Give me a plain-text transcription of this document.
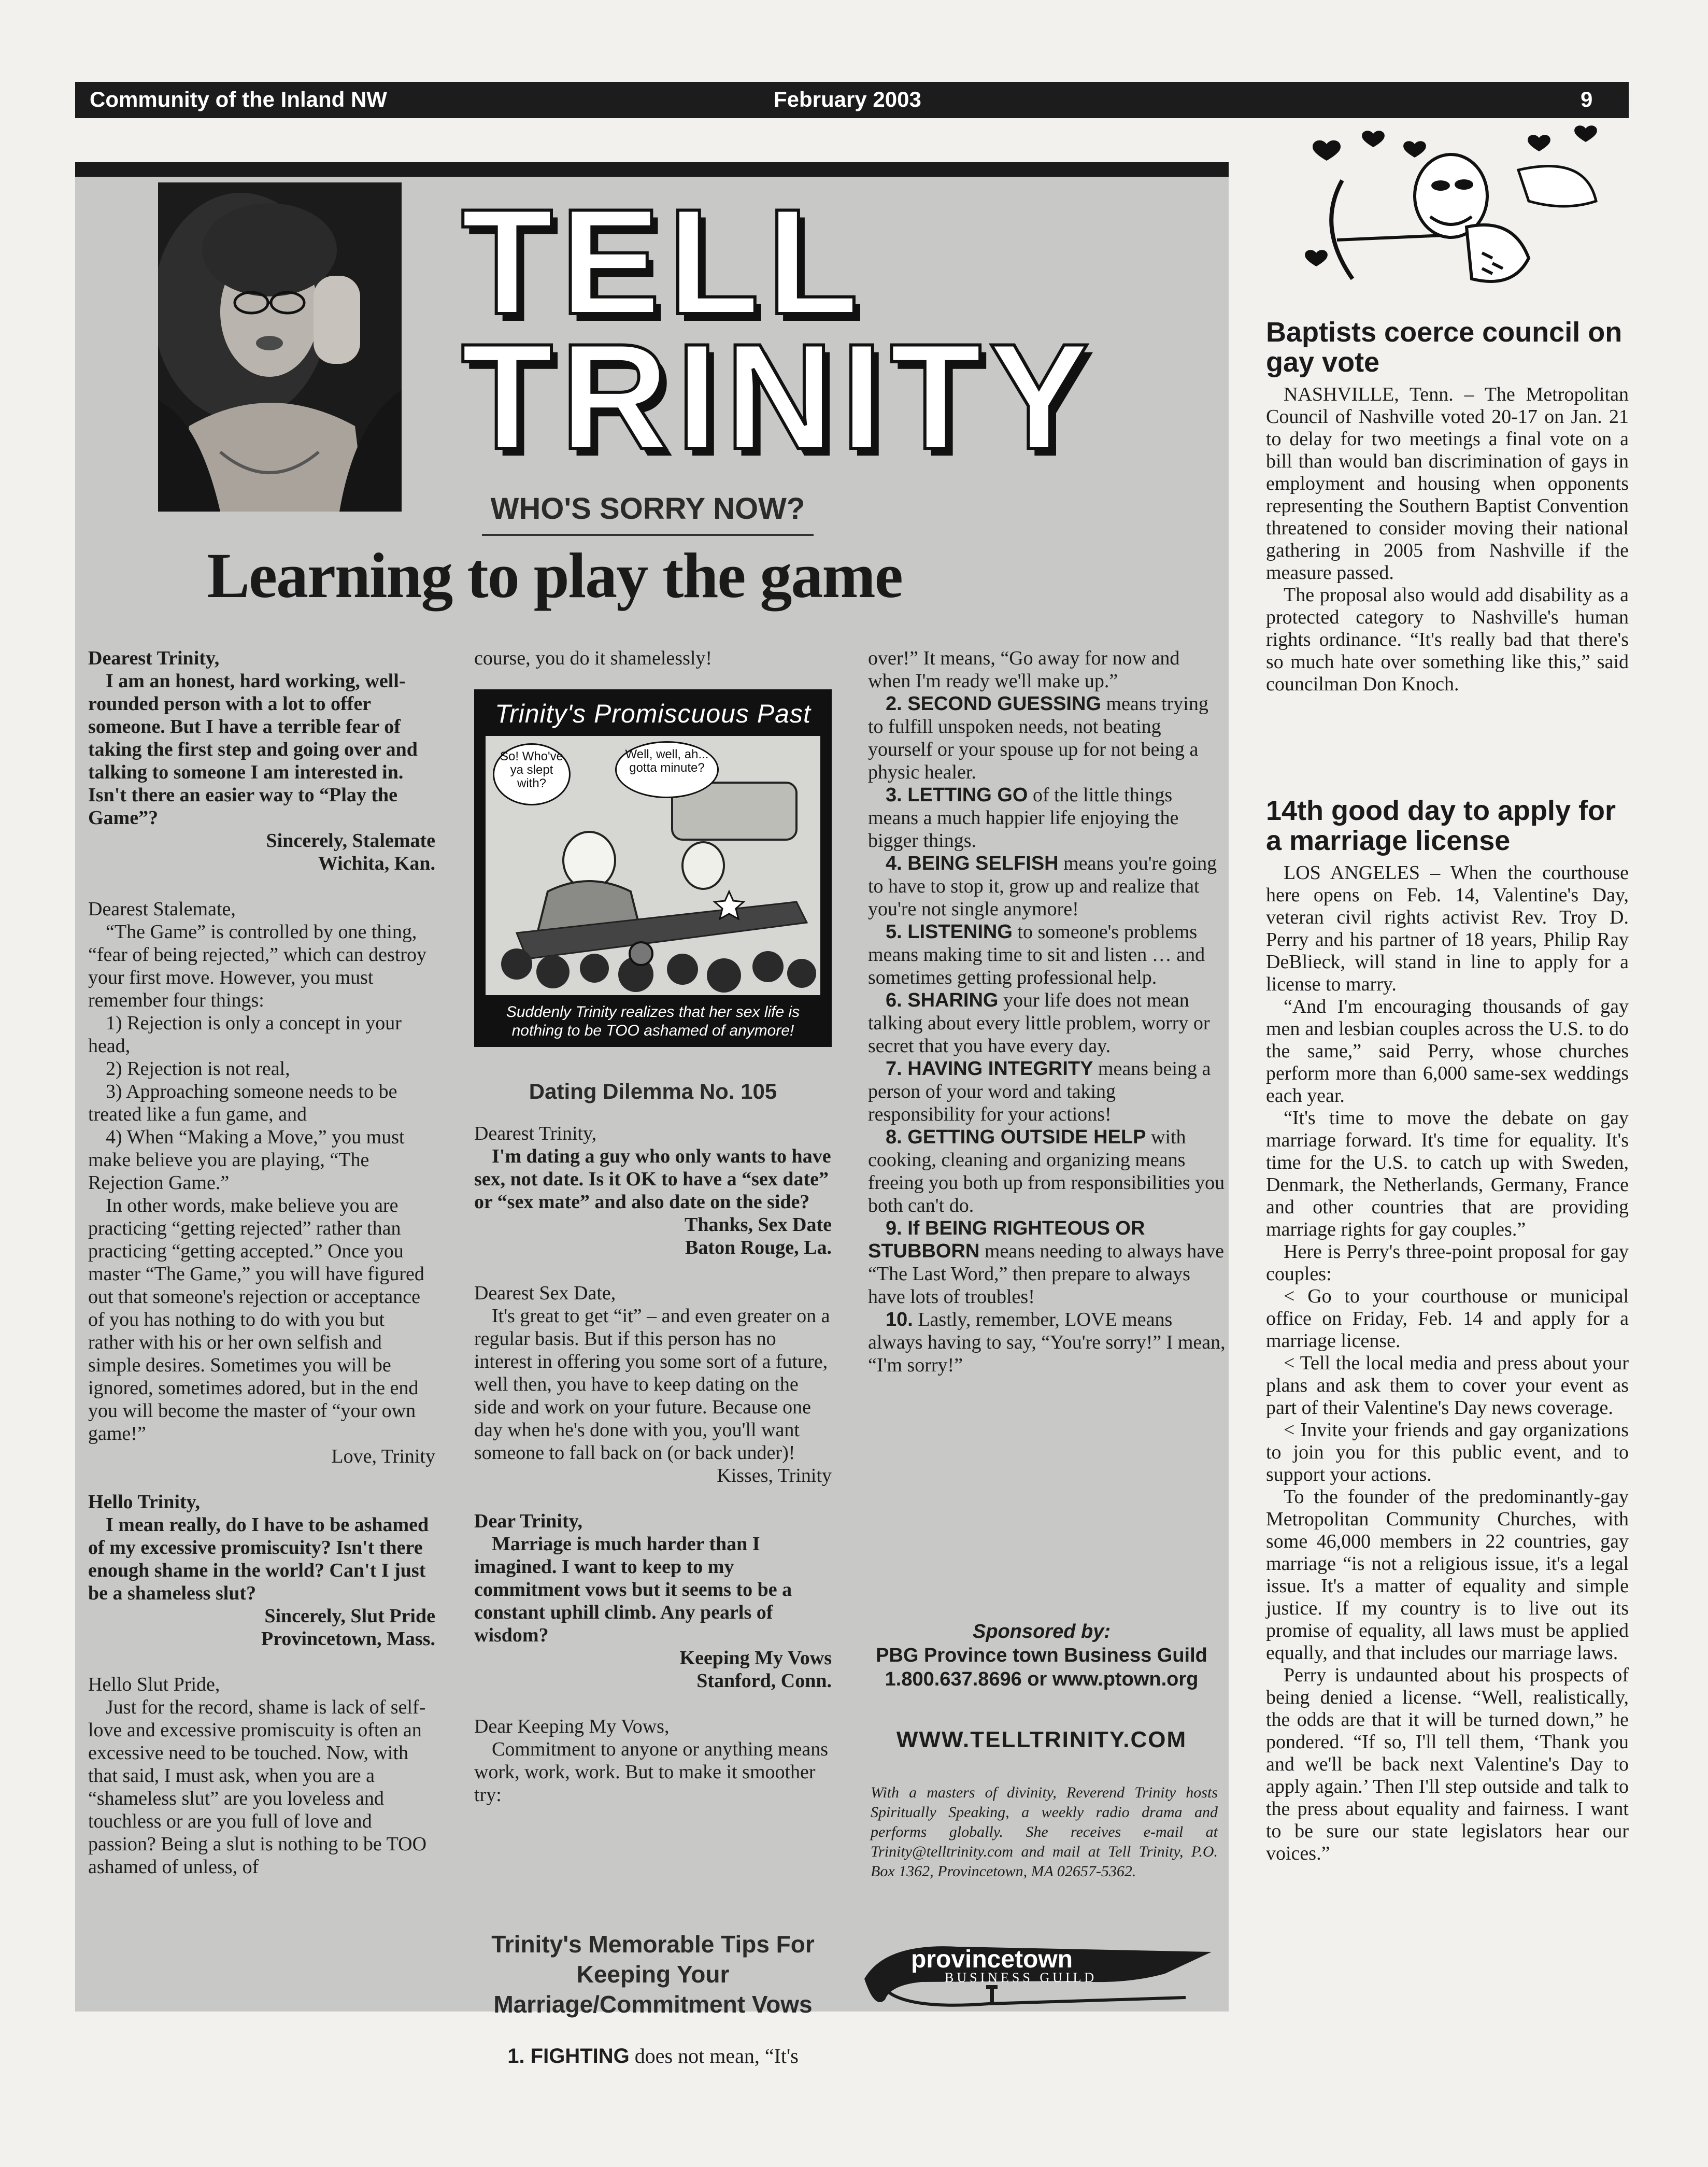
Community of the Inland NW	February 2003	9
TELL
TRINITY
WHO'S SORRY NOW?
Learning to play the game

Dearest Trinity,

I am an honest, hard working, well-rounded person with a lot to offer someone. But I have a terrible fear of taking the first step and going over and talking to someone I am interested in. Isn't there an easier way to “Play the Game”?

Sincerely, Stalemate

Wichita, Kan.

Dearest Stalemate,

“The Game” is controlled by one thing, “fear of being rejected,” which can destroy your first move. However, you must remember four things:

1) Rejection is only a concept in your head,

2) Rejection is not real,

3) Approaching someone needs to be treated like a fun game, and

4) When “Making a Move,” you must make believe you are playing, “The Rejection Game.”

In other words, make believe you are practicing “getting rejected” rather than practicing “getting accepted.” Once you master “The Game,” you will have figured out that someone's rejection or acceptance of you has nothing to do with you but rather with his or her own selfish and simple desires. Sometimes you will be ignored, sometimes adored, but in the end you will become the master of “your own game!”

Love, Trinity

Hello Trinity,

I mean really, do I have to be ashamed of my excessive promiscuity? Isn't there enough shame in the world? Can't I just be a shameless slut?

Sincerely, Slut Pride

Provincetown, Mass.

Hello Slut Pride,

Just for the record, shame is lack of self-love and excessive promiscuity is often an excessive need to be touched. Now, with that said, I must ask, when you are a “shameless slut” are you loveless and touchless or are you full of love and passion? Being a slut is nothing to be TOO ashamed of unless, of

course, you do it shamelessly!

Trinity's Promiscuous Past
So! Who've ya slept with?
Well, well, ah... gotta minute?
Suddenly Trinity realizes that her sex life is nothing to be TOO ashamed of anymore!
Dating Dilemma No. 105

Dearest Trinity,

I'm dating a guy who only wants to have sex, not date. Is it OK to have a “sex date” or “sex mate” and also date on the side?

Thanks, Sex Date

Baton Rouge, La.

Dearest Sex Date,

It's great to get “it” – and even greater on a regular basis. But if this person has no interest in offering you some sort of a future, well then, you have to keep dating on the side and work on your future. Because one day when he's done with you, you'll want someone to fall back on (or back under)!

Kisses, Trinity

Dear Trinity,

Marriage is much harder than I imagined. I want to keep to my commitment vows but it seems to be a constant uphill climb. Any pearls of wisdom?

Keeping My Vows

Stanford, Conn.

Dear Keeping My Vows,

Commitment to anyone or anything means work, work, work. But to make it smoother try:

Trinity's Memorable Tips For Keeping Your Marriage/Commitment Vows
1. FIGHTING does not mean, “It's

over!” It means, “Go away for now and when I'm ready we'll make up.”

2. SECOND GUESSING means trying to fulfill unspoken needs, not beating yourself or your spouse up for not being a physic healer.

3. LETTING GO of the little things means a much happier life enjoying the bigger things.

4. BEING SELFISH means you're going to have to stop it, grow up and realize that you're not single anymore!

5. LISTENING to someone's problems means making time to sit and listen … and sometimes getting professional help.

6. SHARING your life does not mean talking about every little problem, worry or secret that you have every day.

7. HAVING INTEGRITY means being a person of your word and taking responsibility for your actions!

8. GETTING OUTSIDE HELP with cooking, cleaning and organizing means freeing you both up from responsibilities you both can't do.

9. If BEING RIGHTEOUS OR STUBBORN means needing to always have “The Last Word,” then prepare to always have lots of troubles!

10. Lastly, remember, LOVE means always having to say, “You're sorry!” I mean, “I'm sorry!”

Sponsored by:
PBG Province town Business Guild
1.800.637.8696 or www.ptown.org
WWW.TELLTRINITY.COM
With a masters of divinity, Reverend Trinity hosts Spiritually Speaking, a weekly radio drama and performs globally. She receives e-mail at Trinity@telltrinity.com and mail at Tell Trinity, P.O. Box 1362, Provincetown, MA 02657-5362.
provincetown
BUSINESS GUILD
Baptists coerce council on gay vote

NASHVILLE, Tenn. – The Metropolitan Council of Nashville voted 20-17 on Jan. 21 to delay for two meetings a final vote on a bill than would ban discrimination of gays in employment and housing when opponents representing the Southern Baptist Convention threatened to consider moving their national gathering in 2005 from Nashville if the measure passed.

The proposal also would add disability as a protected category to Nashville's human rights ordinance. “It's really bad that there's so much hate over something like this,” said councilman Don Knoch.

14th good day to apply for a marriage license

LOS ANGELES – When the courthouse here opens on Feb. 14, Valentine's Day, veteran civil rights activist Rev. Troy D. Perry and his partner of 18 years, Philip Ray DeBlieck, will stand in line to apply for a license to marry.

“And I'm encouraging thousands of gay men and lesbian couples across the U.S. to do the same,” said Perry, whose churches perform more than 6,000 same-sex weddings each year.

“It's time to move the debate on gay marriage forward. It's time for equality. It's time for the U.S. to catch up with Sweden, Denmark, the Netherlands, Germany, France and other countries that are providing marriage rights for gay couples.”

Here is Perry's three-point proposal for gay couples:

< Go to your courthouse or municipal office on Friday, Feb. 14 and apply for a marriage license.

< Tell the local media and press about your plans and ask them to cover your event as part of their Valentine's Day news coverage.

< Invite your friends and gay organizations to join you for this public event, and to support your actions.

To the founder of the predominantly-gay Metropolitan Community Churches, with some 46,000 members in 22 countries, gay marriage “is not a religious issue, it's a legal issue. It's a matter of equality and simple justice. If my country is to live out its promise of equality, all laws must be applied equally, and that includes our marriage laws.

Perry is undaunted about his prospects of being denied a license. “Well, realistically, the odds are that it will be turned down,” he pondered. “If so, I'll tell them, ‘Thank you and we'll be back next Valentine's Day to apply again.’ Then I'll step outside and talk to the press about equality and fairness. I want to be sure our state legislators hear our voices.”
